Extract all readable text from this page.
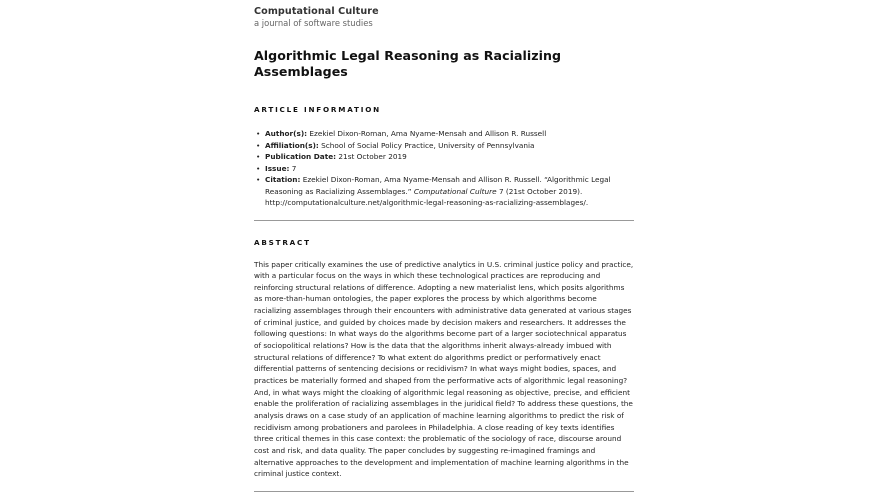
Computational Culture
a journal of software studies
Algorithmic Legal Reasoning as Racializing Assemblages
ARTICLE INFORMATION
• Author(s): Ezekiel Dixon-Roman, Ama Nyame-Mensah and Allison R. Russell
• Affiliation(s): School of Social Policy Practice, University of Pennsylvania
• Publication Date: 21st October 2019
• Issue: 7
• Citation: Ezekiel Dixon-Roman, Ama Nyame-Mensah and Allison R. Russell. “Algorithmic Legal Reasoning as Racializing Assemblages.” Computational Culture 7 (21st October 2019). http://computationalculture.net/algorithmic-legal-reasoning-as-racializing-assemblages/.
ABSTRACT
This paper critically examines the use of predictive analytics in U.S. criminal justice policy and practice, with a particular focus on the ways in which these technological practices are reproducing and reinforcing structural relations of difference. Adopting a new materialist lens, which posits algorithms as more-than-human ontologies, the paper explores the process by which algorithms become racializing assemblages through their encounters with administrative data generated at various stages of criminal justice, and guided by choices made by decision makers and researchers. It addresses the following questions: In what ways do the algorithms become part of a larger sociotechnical apparatus of sociopolitical relations? How is the data that the algorithms inherit always-already imbued with structural relations of difference? To what extent do algorithms predict or performatively enact differential patterns of sentencing decisions or recidivism? In what ways might bodies, spaces, and practices be materially formed and shaped from the performative acts of algorithmic legal reasoning? And, in what ways might the cloaking of algorithmic legal reasoning as objective, precise, and efficient enable the proliferation of racializing assemblages in the juridical field? To address these questions, the analysis draws on a case study of an application of machine learning algorithms to predict the risk of recidivism among probationers and parolees in Philadelphia. A close reading of key texts identifies three critical themes in this case context: the problematic of the sociology of race, discourse around cost and risk, and data quality. The paper concludes by suggesting re-imagined framings and alternative approaches to the development and implementation of machine learning algorithms in the criminal justice context.
